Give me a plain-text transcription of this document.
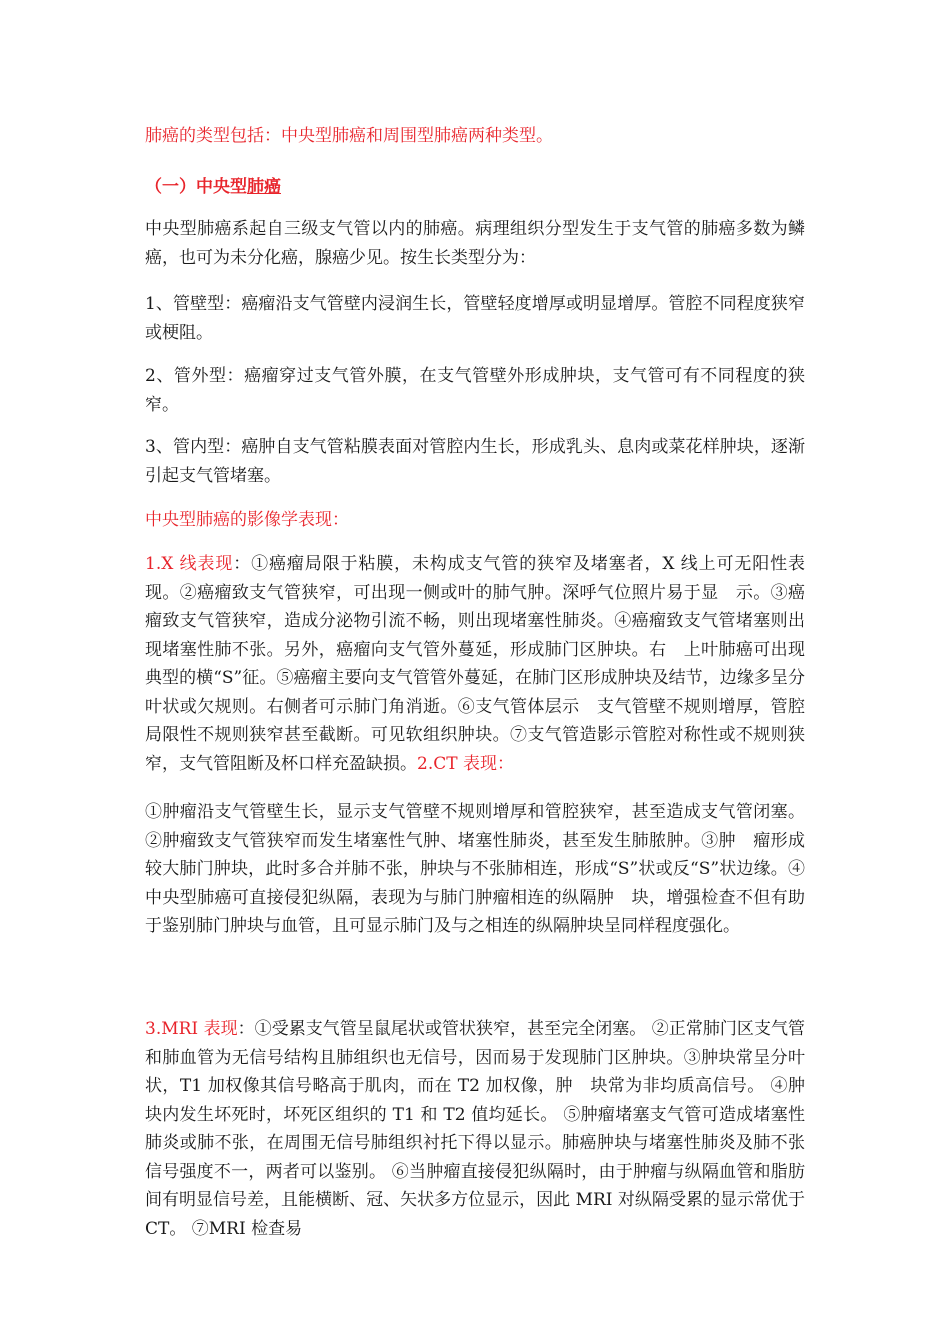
肺癌的类型包括：中央型肺癌和周围型肺癌两种类型。

（一）中央型肺癌

中央型肺癌系起自三级支气管以内的肺癌。病理组织分型发生于支气管的肺癌多数为鳞癌，也可为未分化癌，腺癌少见。按生长类型分为：

1、管壁型：癌瘤沿支气管壁内浸润生长，管壁轻度增厚或明显增厚。管腔不同程度狭窄或梗阻。

2、管外型：癌瘤穿过支气管外膜，在支气管壁外形成肿块，支气管可有不同程度的狭窄。

3、管内型：癌肿自支气管粘膜表面对管腔内生长，形成乳头、息肉或菜花样肿块，逐渐引起支气管堵塞。

中央型肺癌的影像学表现：

1.X 线表现：①癌瘤局限于粘膜，未构成支气管的狭窄及堵塞者，X 线上可无阳性表现。②癌瘤致支气管狭窄，可出现一侧或叶的肺气肿。深呼气位照片易于显　示。③癌瘤致支气管狭窄，造成分泌物引流不畅，则出现堵塞性肺炎。④癌瘤致支气管堵塞则出现堵塞性肺不张。另外，癌瘤向支气管外蔓延，形成肺门区肿块。右　上叶肺癌可出现典型的横“S”征。⑤癌瘤主要向支气管管外蔓延，在肺门区形成肿块及结节，边缘多呈分叶状或欠规则。右侧者可示肺门角消逝。⑥支气管体层示　支气管壁不规则增厚，管腔局限性不规则狭窄甚至截断。可见软组织肿块。⑦支气管造影示管腔对称性或不规则狭窄，支气管阻断及杯口样充盈缺损。2.CT 表现：

①肿瘤沿支气管壁生长，显示支气管壁不规则增厚和管腔狭窄，甚至造成支气管闭塞。②肿瘤致支气管狭窄而发生堵塞性气肿、堵塞性肺炎，甚至发生肺脓肿。③肿　瘤形成较大肺门肿块，此时多合并肺不张，肿块与不张肺相连，形成“S”状或反“S”状边缘。④中央型肺癌可直接侵犯纵隔，表现为与肺门肿瘤相连的纵隔肿　块，增强检查不但有助于鉴别肺门肿块与血管，且可显示肺门及与之相连的纵隔肿块呈同样程度强化。

3.MRI 表现：①受累支气管呈鼠尾状或管状狭窄，甚至完全闭塞。 ②正常肺门区支气管和肺血管为无信号结构且肺组织也无信号，因而易于发现肺门区肿块。③肿块常呈分叶状，T1 加权像其信号略高于肌肉，而在 T2 加权像，肿　块常为非均质高信号。 ④肿块内发生坏死时，坏死区组织的 T1 和 T2 值均延长。 ⑤肿瘤堵塞支气管可造成堵塞性肺炎或肺不张，在周围无信号肺组织衬托下得以显示。肺癌肿块与堵塞性肺炎及肺不张信号强度不一，两者可以鉴别。 ⑥当肿瘤直接侵犯纵隔时，由于肿瘤与纵隔血管和脂肪间有明显信号差，且能横断、冠、矢状多方位显示，因此 MRI 对纵隔受累的显示常优于 CT。 ⑦MRI 检查易
